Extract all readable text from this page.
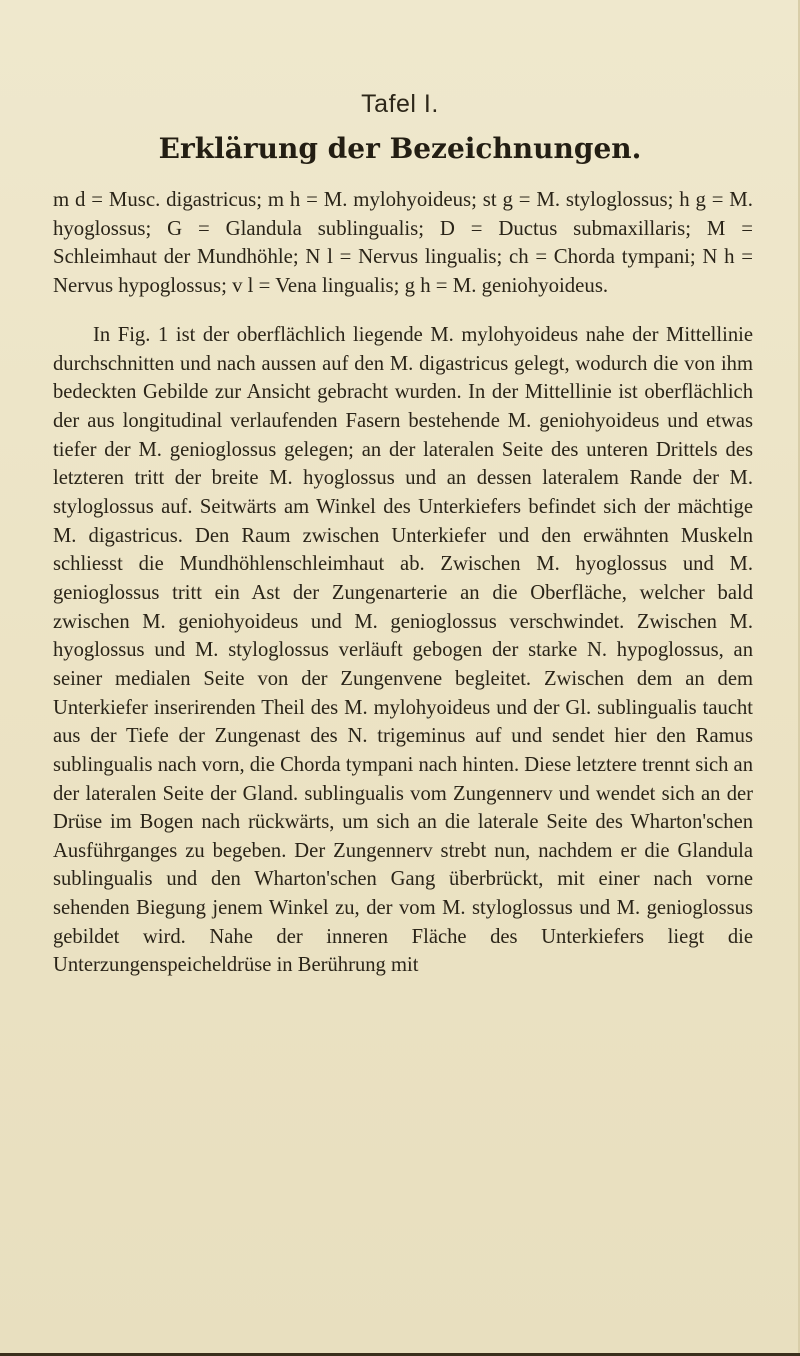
Tafel I.
Erklärung der Bezeichnungen.

m d = Musc. digastricus; m h = M. mylohyoideus; st g = M. styloglossus; h g = M. hyoglossus; G = Glandula sublingualis; D = Ductus submaxillaris; M = Schleimhaut der Mundhöhle; N l = Nervus lingualis; ch = Chorda tympani; N h = Nervus hypoglossus; v l = Vena lingualis; g h = M. geniohyoideus.

In Fig. 1 ist der oberflächlich liegende M. mylohyoideus nahe der Mittellinie durchschnitten und nach aussen auf den M. digastricus gelegt, wodurch die von ihm bedeckten Gebilde zur Ansicht gebracht wurden. In der Mittellinie ist oberflächlich der aus longitudinal verlaufenden Fasern bestehende M. geniohyoideus und etwas tiefer der M. genioglossus gelegen; an der lateralen Seite des unteren Drittels des letzteren tritt der breite M. hyoglossus und an dessen lateralem Rande der M. styloglossus auf. Seitwärts am Winkel des Unterkiefers befindet sich der mächtige M. digastricus. Den Raum zwischen Unterkiefer und den erwähnten Muskeln schliesst die Mundhöhlenschleimhaut ab. Zwischen M. hyoglossus und M. genioglossus tritt ein Ast der Zungenarterie an die Oberfläche, welcher bald zwischen M. geniohyoideus und M. genioglossus verschwindet. Zwischen M. hyoglossus und M. styloglossus verläuft gebogen der starke N. hypoglossus, an seiner medialen Seite von der Zungenvene begleitet. Zwischen dem an dem Unterkiefer inserirenden Theil des M. mylohyoideus und der Gl. sublingualis taucht aus der Tiefe der Zungenast des N. trigeminus auf und sendet hier den Ramus sublingualis nach vorn, die Chorda tympani nach hinten. Diese letztere trennt sich an der lateralen Seite der Gland. sublingualis vom Zungennerv und wendet sich an der Drüse im Bogen nach rückwärts, um sich an die laterale Seite des Wharton'schen Ausführganges zu begeben. Der Zungennerv strebt nun, nachdem er die Glandula sublingualis und den Wharton'schen Gang überbrückt, mit einer nach vorne sehenden Biegung jenem Winkel zu, der vom M. styloglossus und M. genioglossus gebildet wird. Nahe der inneren Fläche des Unterkiefers liegt die Unterzungenspeicheldrüse in Berührung mit
